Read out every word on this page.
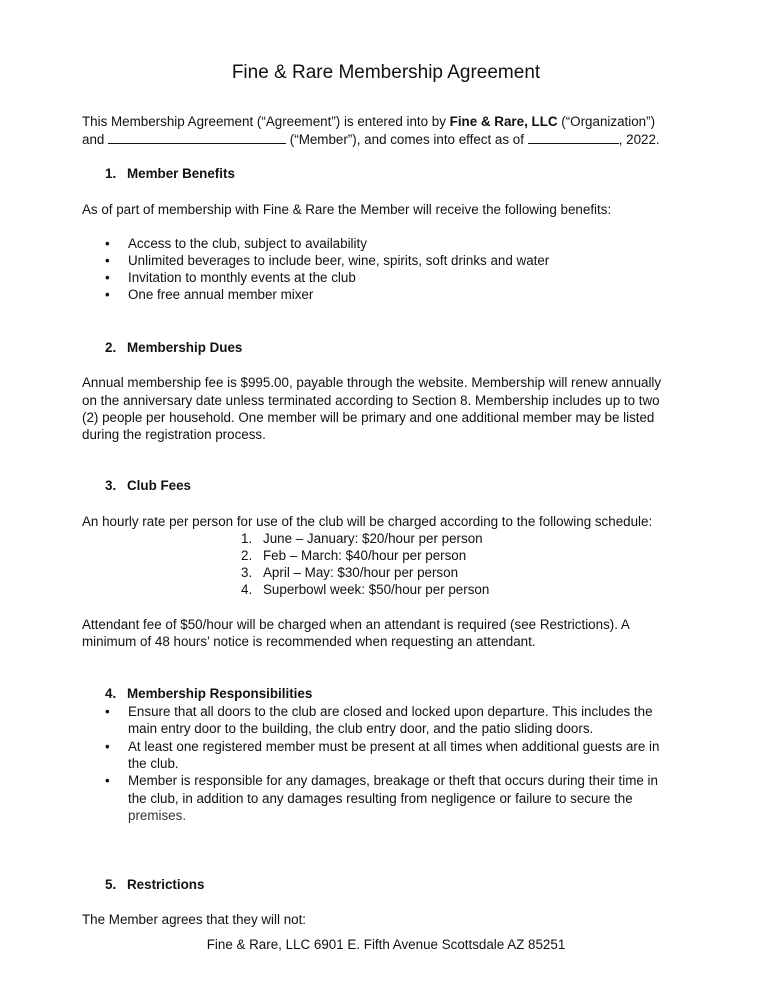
Fine & Rare Membership Agreement
This Membership Agreement (“Agreement”) is entered into by Fine & Rare, LLC (“Organization”)
and	(“Member”), and comes into effect as of	, 2022.
1. Member Benefits
As of part of membership with Fine & Rare the Member will receive the following benefits:
• Access to the club, subject to availability
• Unlimited beverages to include beer, wine, spirits, soft drinks and water
• Invitation to monthly events at the club
• One free annual member mixer
2. Membership Dues
Annual membership fee is $995.00, payable through the website. Membership will renew annually
on the anniversary date unless terminated according to Section 8. Membership includes up to two
(2) people per household. One member will be primary and one additional member may be listed
during the registration process.
3. Club Fees
An hourly rate per person for use of the club will be charged according to the following schedule:
1. June – January: $20/hour per person
2. Feb – March: $40/hour per person
3. April – May: $30/hour per person
4. Superbowl week: $50/hour per person
Attendant fee of $50/hour will be charged when an attendant is required (see Restrictions). A
minimum of 48 hours’ notice is recommended when requesting an attendant.
4. Membership Responsibilities
• Ensure that all doors to the club are closed and locked upon departure. This includes the
main entry door to the building, the club entry door, and the patio sliding doors.
• At least one registered member must be present at all times when additional guests are in
the club.
• Member is responsible for any damages, breakage or theft that occurs during their time in
the club, in addition to any damages resulting from negligence or failure to secure the
premises.
5. Restrictions
The Member agrees that they will not:
Fine & Rare, LLC 6901 E. Fifth Avenue Scottsdale AZ 85251
